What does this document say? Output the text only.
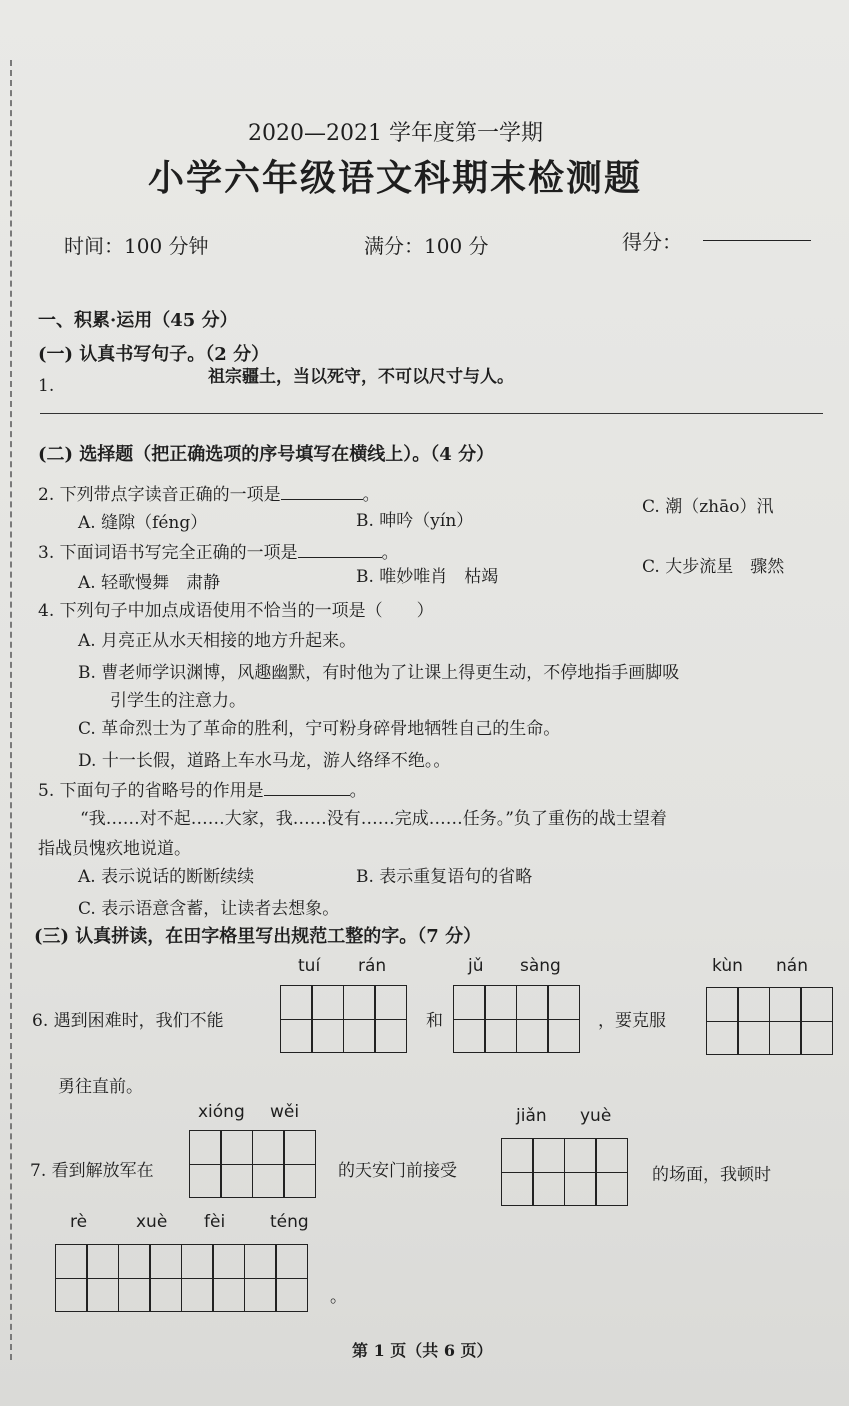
2020—2021 学年度第一学期
小学六年级语文科期末检测题
时间：100 分钟	满分：100 分	得分：
一、积累·运用（45 分）
(一) 认真书写句子。（2 分）
1.	祖宗疆土，当以死守，不可以尺寸与人。
(二) 选择题（把正确选项的序号填写在横线上）。（4 分）
2. 下列带点字读音正确的一项是	。
C. 潮（zhāo）汛
A. 缝隙（féng）	B. 呻吟（yín）
3. 下面词语书写完全正确的一项是	。
C. 大步流星　骤然
A. 轻歌慢舞　肃静	B. 唯妙唯肖　枯竭
4. 下列句子中加点成语使用不恰当的一项是（　　）
A. 月亮正从水天相接的地方升起来。
B. 曹老师学识渊博，风趣幽默，有时他为了让课上得更生动，不停地指手画脚吸
引学生的注意力。
C. 革命烈士为了革命的胜利，宁可粉身碎骨地牺牲自己的生命。
D. 十一长假，道路上车水马龙，游人络绎不绝。。
5. 下面句子的省略号的作用是	。
“我……对不起……大家，我……没有……完成……任务。”负了重伤的战士望着
指战员愧疚地说道。
A. 表示说话的断断续续	B. 表示重复语句的省略
C. 表示语意含蓄，让读者去想象。
(三) 认真拼读，在田字格里写出规范工整的字。（7 分）
tuí rán	jǔ sàng	kùn nán
6. 遇到困难时，我们不能	和	，要克服
勇往直前。
xióng wěi	jiǎn yuè
7. 看到解放军在	的天安门前接受	的场面，我顿时
rè	xuè fèi	téng
。
第 1 页（共 6 页）
